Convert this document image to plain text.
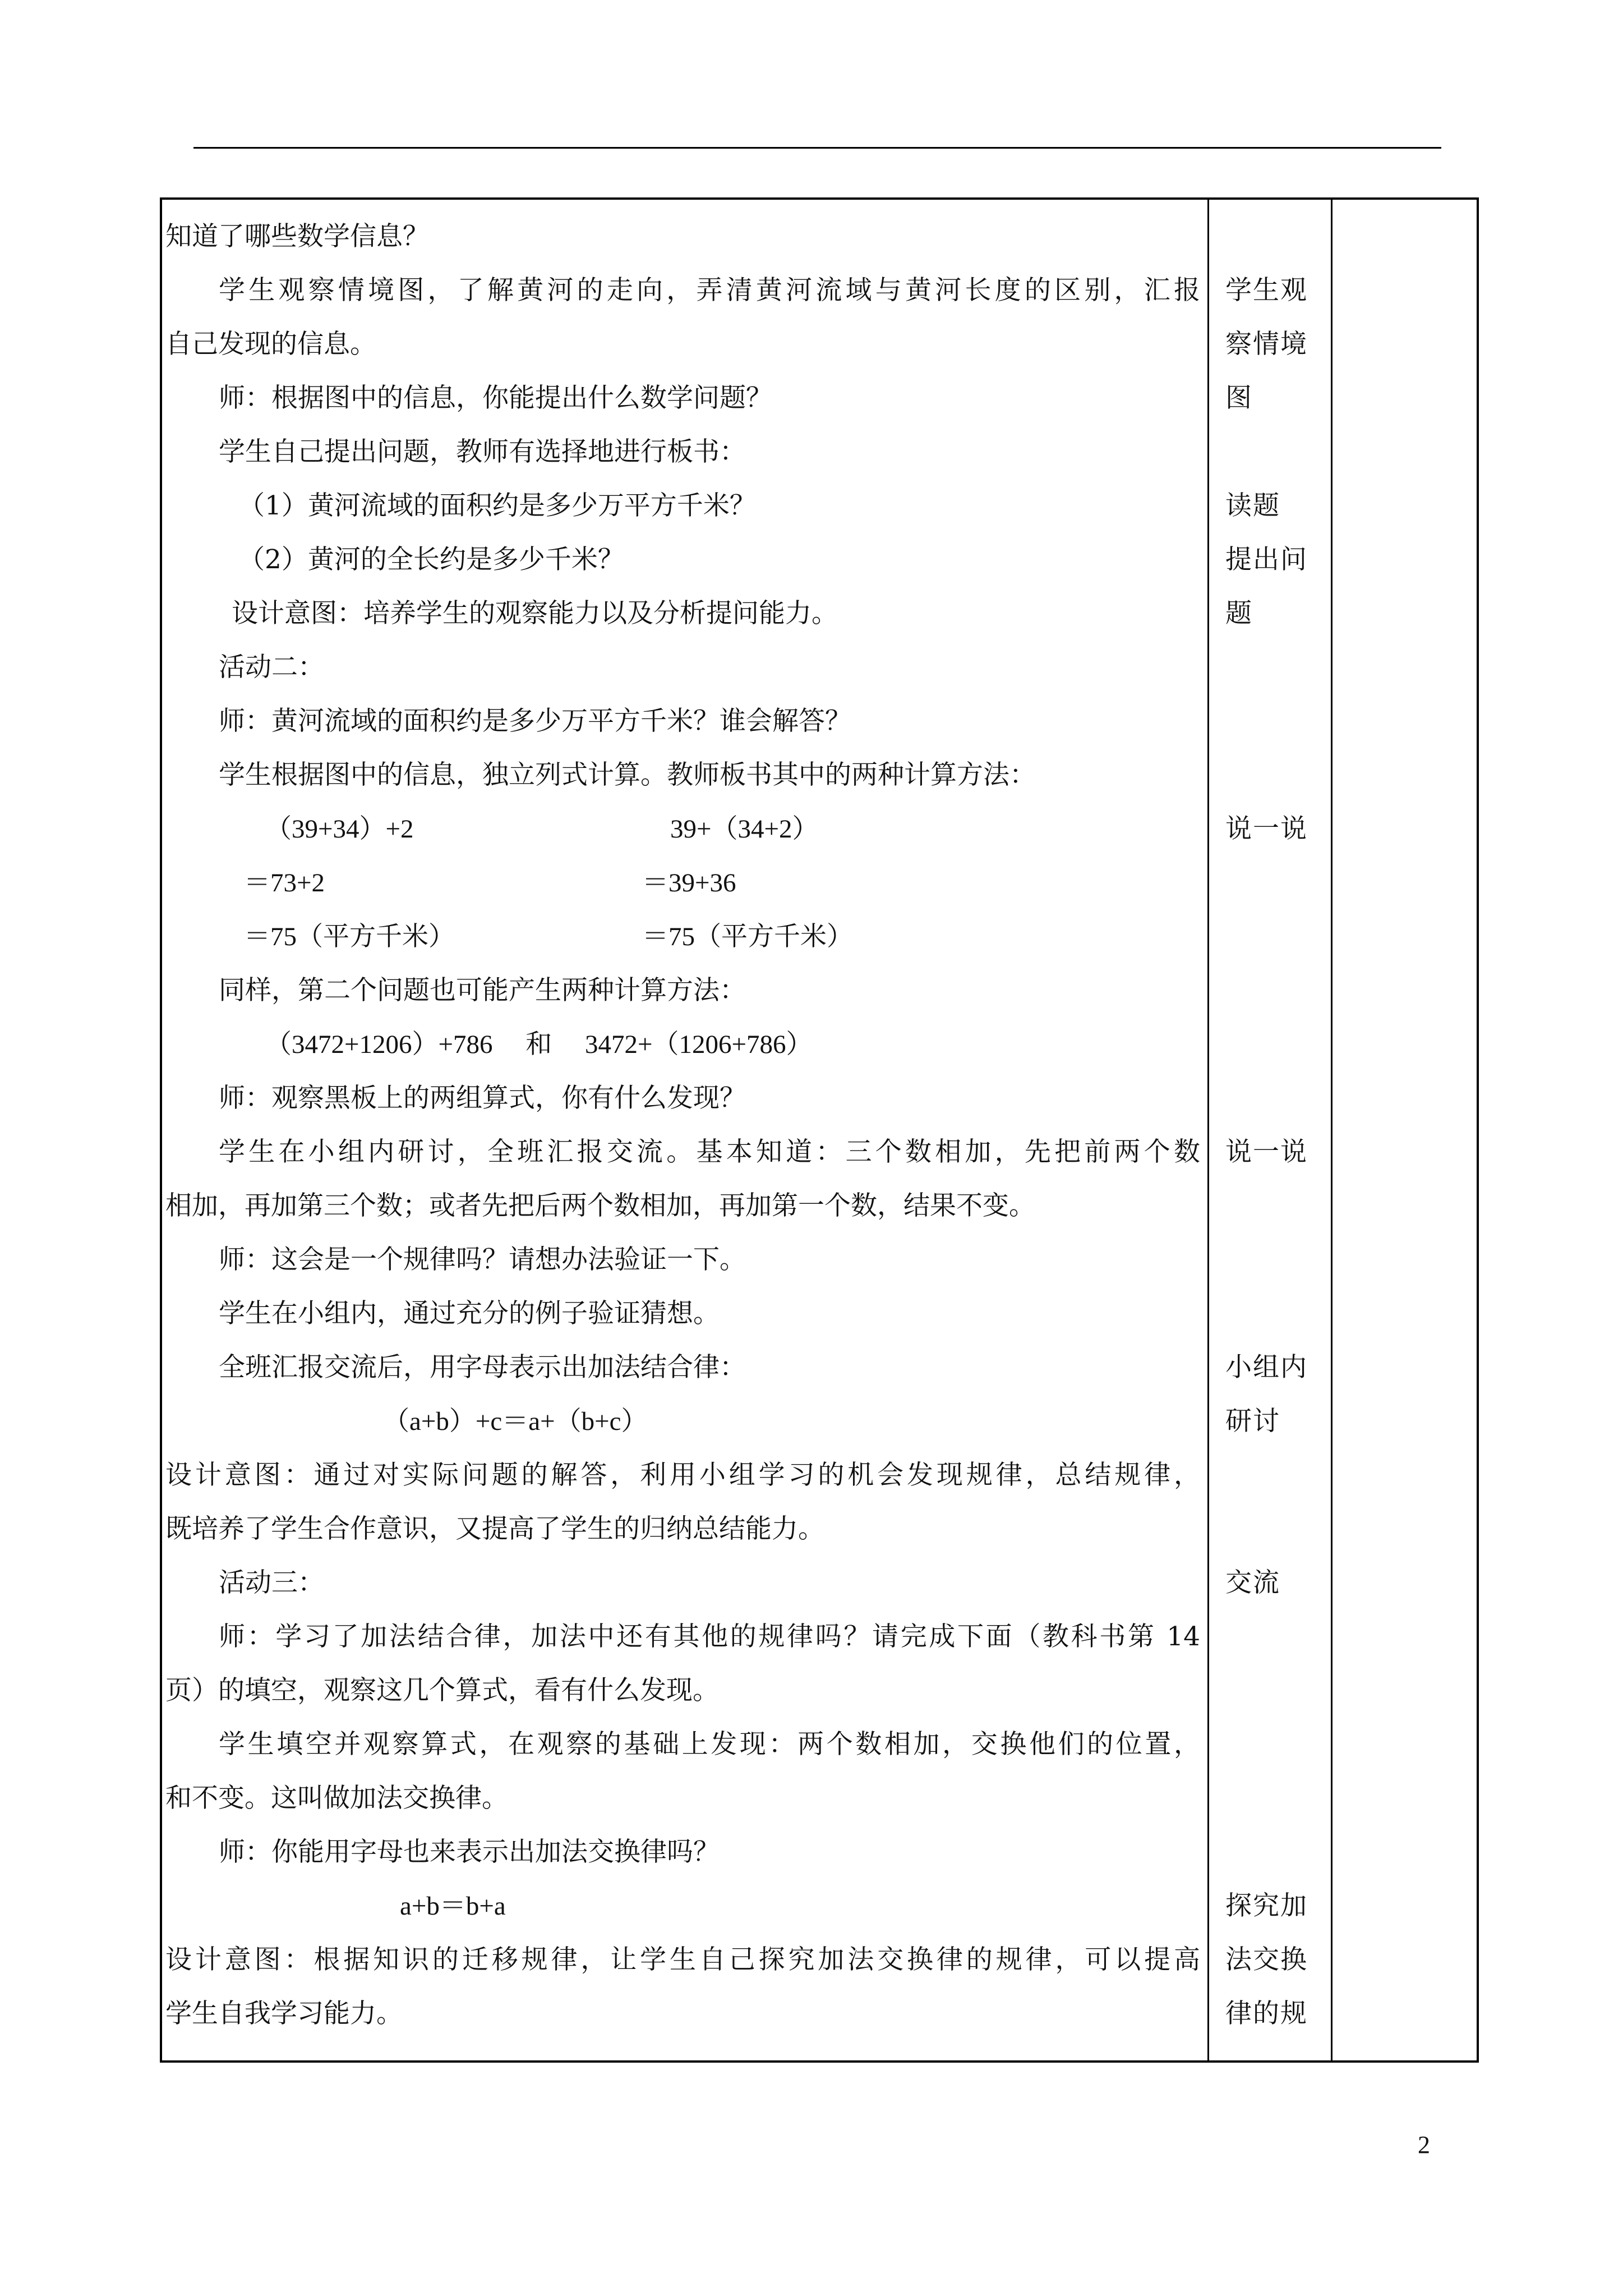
知道了哪些数学信息？
学生观察情境图，了解黄河的走向，弄清黄河流域与黄河长度的区别，汇报
自己发现的信息。
师：根据图中的信息，你能提出什么数学问题？
学生自己提出问题，教师有选择地进行板书：
（1）黄河流域的面积约是多少万平方千米？
（2）黄河的全长约是多少千米？
设计意图：培养学生的观察能力以及分析提问能力。
活动二：
师：黄河流域的面积约是多少万平方千米？谁会解答？
学生根据图中的信息，独立列式计算。教师板书其中的两种计算方法：
同样，第二个问题也可能产生两种计算方法：
（3472+1206）+786　 和　 3472+（1206+786）
师：观察黑板上的两组算式，你有什么发现？
学生在小组内研讨，全班汇报交流。基本知道：三个数相加，先把前两个数
相加，再加第三个数；或者先把后两个数相加，再加第一个数，结果不变。
师：这会是一个规律吗？请想办法验证一下。
学生在小组内，通过充分的例子验证猜想。
全班汇报交流后，用字母表示出加法结合律：
（a+b）+c＝a+（b+c）
设计意图：通过对实际问题的解答，利用小组学习的机会发现规律，总结规律，
既培养了学生合作意识，又提高了学生的归纳总结能力。
活动三：
师：学习了加法结合律，加法中还有其他的规律吗？请完成下面（教科书第 14
页）的填空，观察这几个算式，看有什么发现。
学生填空并观察算式，在观察的基础上发现：两个数相加，交换他们的位置，
和不变。这叫做加法交换律。
师：你能用字母也来表示出加法交换律吗？
a+b＝b+a
设计意图：根据知识的迁移规律，让学生自己探究加法交换律的规律，可以提高
学生自我学习能力。
（39+34）+2	39+（34+2）
＝73+2	＝39+36
＝75（平方千米）	＝75（平方千米）
学生观
察情境
图
读题
提出问
题
说一说
说一说
小组内
研讨
交流
探究加
法交换
律的规
2
